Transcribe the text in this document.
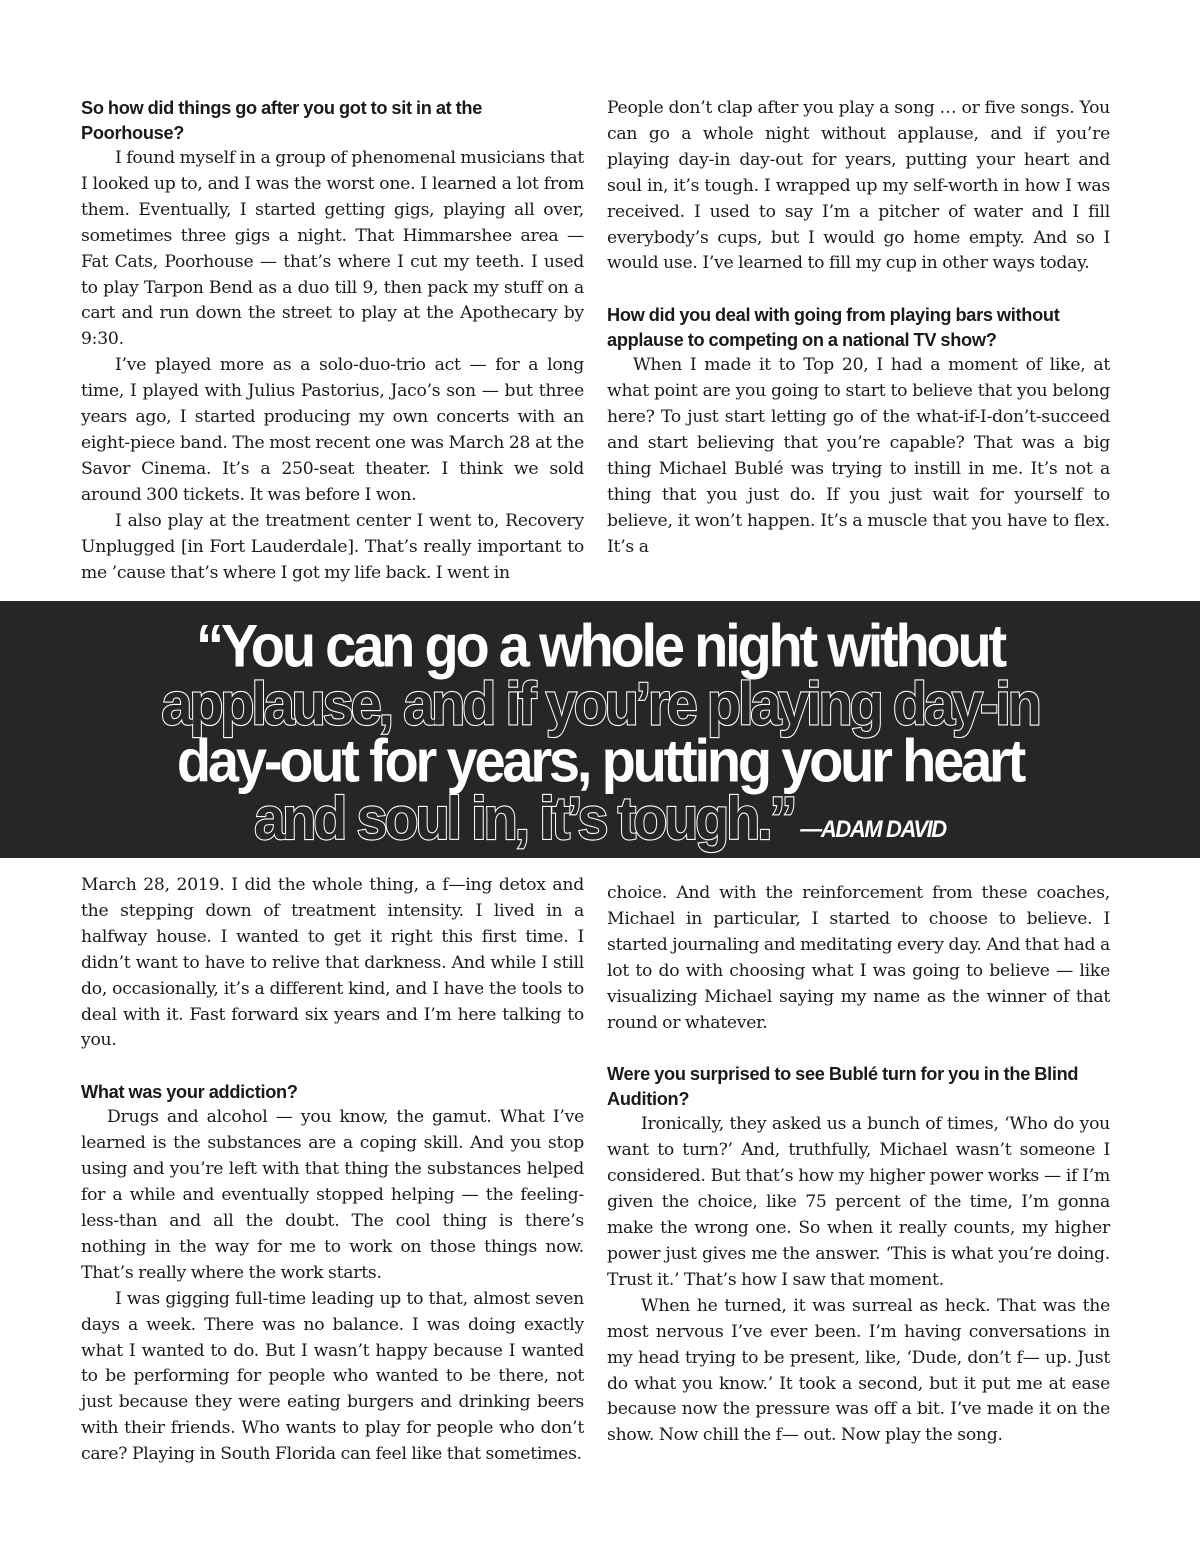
So how did things go after you got to sit in at the Poorhouse?

I found myself in a group of phenomenal musicians that I looked up to, and I was the worst one. I learned a lot from them. Eventually, I started getting gigs, playing all over, sometimes three gigs a night. That Himmarshee area — Fat Cats, Poorhouse — that’s where I cut my teeth. I used to play Tarpon Bend as a duo till 9, then pack my stuff on a cart and run down the street to play at the Apothecary by 9:30.

I’ve played more as a solo-duo-trio act — for a long time, I played with Julius Pastorius, Jaco’s son — but three years ago, I started producing my own concerts with an eight-piece band. The most recent one was March 28 at the Savor Cinema. It’s a 250-seat theater. I think we sold around 300 tickets. It was before I won.

I also play at the treatment center I went to, Recovery Unplugged [in Fort Lauderdale]. That’s really important to me ’cause that’s where I got my life back. I went in

People don’t clap after you play a song … or five songs. You can go a whole night without applause, and if you’re playing day-in day-out for years, putting your heart and soul in, it’s tough. I wrapped up my self-worth in how I was received. I used to say I’m a pitcher of water and I fill everybody’s cups, but I would go home empty. And so I would use. I’ve learned to fill my cup in other ways today.

How did you deal with going from playing bars without applause to competing on a national TV show?

When I made it to Top 20, I had a moment of like, at what point are you going to start to believe that you belong here? To just start letting go of the what-if-I-don’t-succeed and start believing that you’re capable? That was a big thing Michael Bublé was trying to instill in me. It’s not a thing that you just do. If you just wait for yourself to believe, it won’t happen. It’s a muscle that you have to flex. It’s a

“You can go a whole night without
applause, and if you’re playing day-in
day-out for years, putting your heart
and soul in, it’s tough.” —ADAM DAVID

March 28, 2019. I did the whole thing, a f—ing detox and the stepping down of treatment intensity. I lived in a halfway house. I wanted to get it right this first time. I didn’t want to have to relive that darkness. And while I still do, occasionally, it’s a different kind, and I have the tools to deal with it. Fast forward six years and I’m here talking to you.

What was your addiction?

Drugs and alcohol — you know, the gamut. What I’ve learned is the substances are a coping skill. And you stop using and you’re left with that thing the substances helped for a while and eventually stopped helping — the feeling-less-than and all the doubt. The cool thing is there’s nothing in the way for me to work on those things now. That’s really where the work starts.

I was gigging full-time leading up to that, almost seven days a week. There was no balance. I was doing exactly what I wanted to do. But I wasn’t happy because I wanted to be performing for people who wanted to be there, not just because they were eating burgers and drinking beers with their friends. Who wants to play for people who don’t care? Playing in South Florida can feel like that sometimes.

choice. And with the reinforcement from these coaches, Michael in particular, I started to choose to believe. I started journaling and meditating every day. And that had a lot to do with choosing what I was going to believe — like visualizing Michael saying my name as the winner of that round or whatever.

Were you surprised to see Bublé turn for you in the Blind Audition?

Ironically, they asked us a bunch of times, ‘Who do you want to turn?’ And, truthfully, Michael wasn’t someone I considered. But that’s how my higher power works — if I’m given the choice, like 75 percent of the time, I’m gonna make the wrong one. So when it really counts, my higher power just gives me the answer. ‘This is what you’re doing. Trust it.’ That’s how I saw that moment.

When he turned, it was surreal as heck. That was the most nervous I’ve ever been. I’m having conversations in my head trying to be present, like, ‘Dude, don’t f— up. Just do what you know.’ It took a second, but it put me at ease because now the pressure was off a bit. I’ve made it on the show. Now chill the f— out. Now play the song.
